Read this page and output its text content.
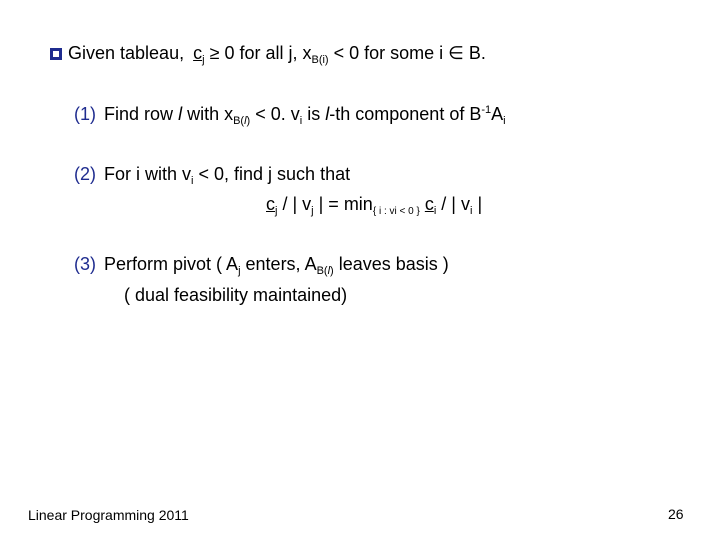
Given tableau, $c_j \ge 0$ for all j, $x_{B(i)} < 0$ for some i ∈ B.
(1) Find row l with $x_{B(l)} < 0$. $v_i$ is l-th component of $B^{-1}A_i$
(2) For i with $v_i < 0$, find j such that
$c_j$ / | $v_j$ | = $\min_{\{ i : vi < 0 \}} c_i$ / | $v_i$ |
(3) Perform pivot ( $A_j$ enters, $A_{B(l)}$ leaves basis )
( dual feasibility maintained)
Linear Programming 2011	26
